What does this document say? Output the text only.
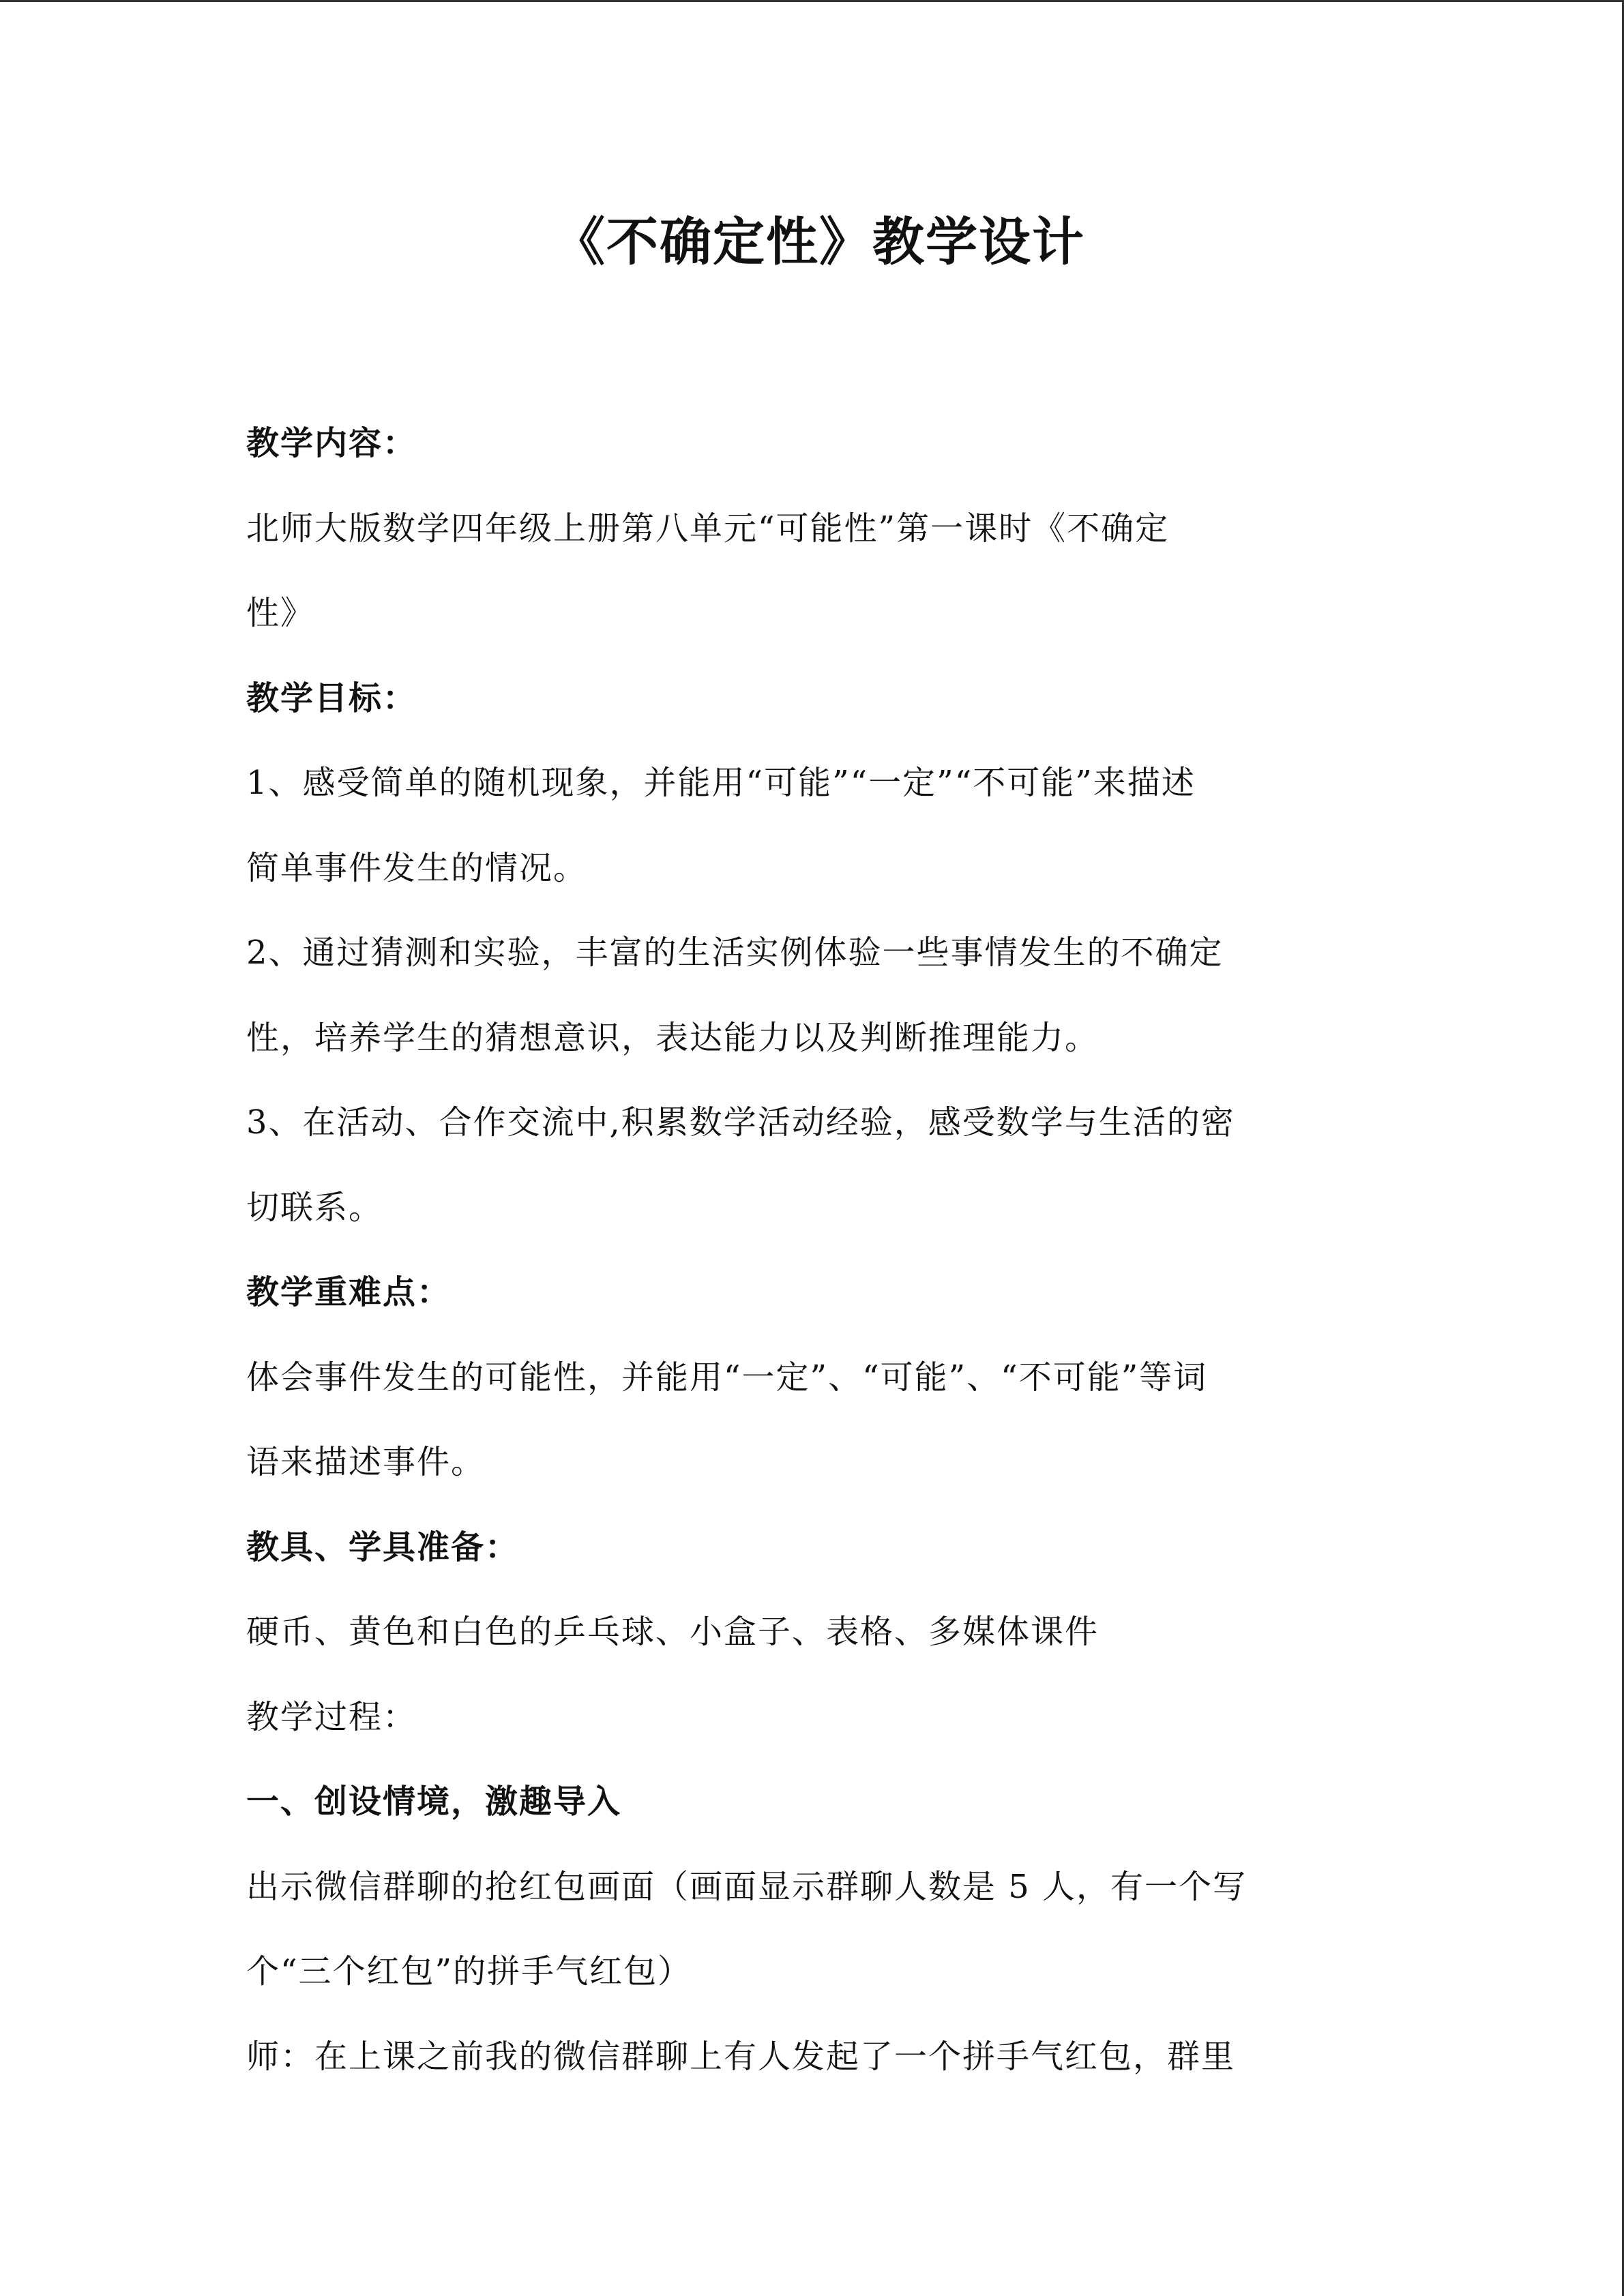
《不确定性》教学设计
教学内容：
北师大版数学四年级上册第八单元“可能性”第一课时《不确定
性》
教学目标：
1、感受简单的随机现象，并能用“可能”“一定”“不可能”来描述
简单事件发生的情况。
2、通过猜测和实验，丰富的生活实例体验一些事情发生的不确定
性，培养学生的猜想意识，表达能力以及判断推理能力。
3、在活动、合作交流中,积累数学活动经验，感受数学与生活的密
切联系。
教学重难点：
体会事件发生的可能性，并能用“一定”、“可能”、“不可能”等词
语来描述事件。
教具、学具准备：
硬币、黄色和白色的乒乓球、小盒子、表格、多媒体课件
教学过程：
一、创设情境，激趣导入
出示微信群聊的抢红包画面（画面显示群聊人数是 5 人，有一个写
个“三个红包”的拼手气红包）
师：在上课之前我的微信群聊上有人发起了一个拼手气红包，群里
